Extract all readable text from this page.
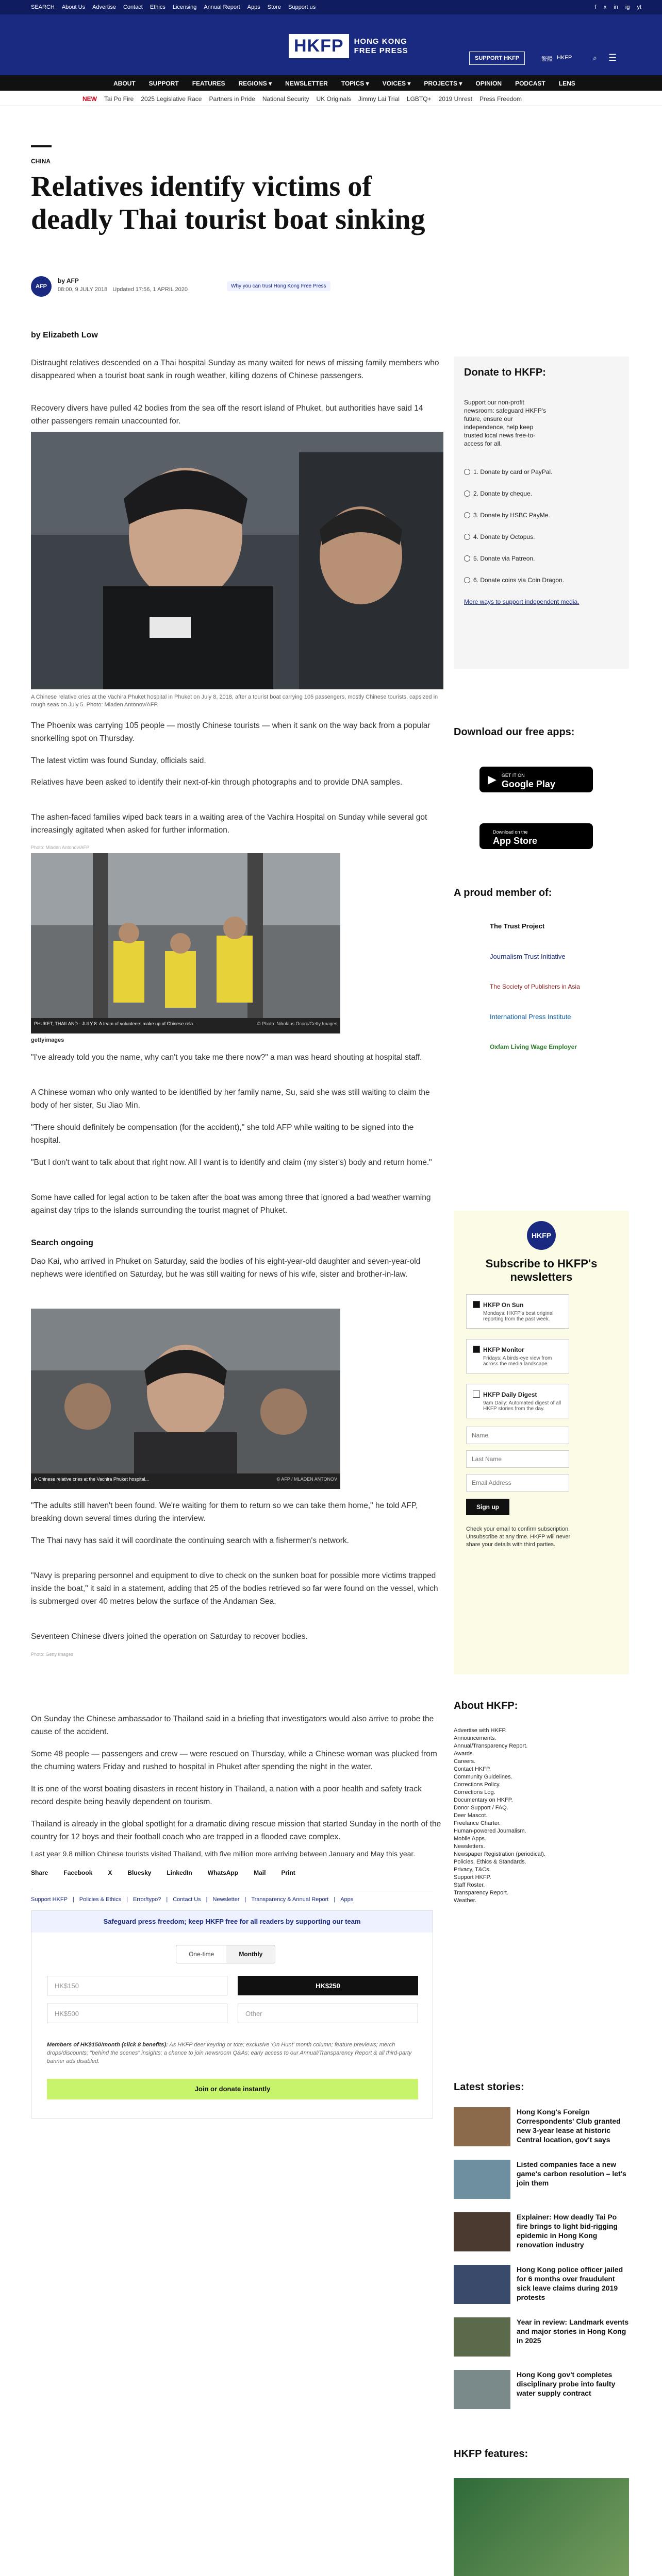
SEARCH About Us Advertise Contact Ethics Licensing Annual Report Apps Store Support us	f x in ig yt
HKFP	HONG KONG
FREE PRESS
SUPPORT HKFP	繁體 HKFP	⌕ ☰
ABOUT SUPPORT FEATURES REGIONS ▾ NEWSLETTER TOPICS ▾ VOICES ▾ PROJECTS ▾ OPINION PODCAST LENS
NEW Tai Po Fire 2025 Legislative Race Partners in Pride National Security UK Originals Jimmy Lai Trial LGBTQ+ 2019 Unrest Press Freedom
CHINA
Relatives identify victims of deadly Thai tourist boat sinking
AFP
by AFP
08:00, 9 JULY 2018 Updated 17:56, 1 APRIL 2020
Why you can trust Hong Kong Free Press
by Elizabeth Low

Distraught relatives descended on a Thai hospital Sunday as many waited for news of missing family members who disappeared when a tourist boat sank in rough weather, killing dozens of Chinese passengers.

Recovery divers have pulled 42 bodies from the sea off the resort island of Phuket, but authorities have said 14 other passengers remain unaccounted for.

A Chinese relative cries at the Vachira Phuket hospital in Phuket on July 8, 2018, after a tourist boat carrying 105 passengers, mostly Chinese tourists, capsized in rough seas on July 5. Photo: Mladen Antonov/AFP.

The Phoenix was carrying 105 people — mostly Chinese tourists — when it sank on the way back from a popular snorkelling spot on Thursday.

The latest victim was found Sunday, officials said.

Relatives have been asked to identify their next-of-kin through photographs and to provide DNA samples.

The ashen-faced families wiped back tears in a waiting area of the Vachira Hospital on Sunday while several got increasingly agitated when asked for further information.

Photo: Mladen Antonov/AFP
PHUKET, THAILAND - JULY 8: A team of volunteers make up of Chinese rela...	© Photo: Nikolaus Ocoro/Getty Images
gettyimages

"I've already told you the name, why can't you take me there now?" a man was heard shouting at hospital staff.

A Chinese woman who only wanted to be identified by her family name, Su, said she was still waiting to claim the body of her sister, Su Jiao Min.

"There should definitely be compensation (for the accident)," she told AFP while waiting to be signed into the hospital.

"But I don't want to talk about that right now. All I want is to identify and claim (my sister's) body and return home."

Some have called for legal action to be taken after the boat was among three that ignored a bad weather warning against day trips to the islands surrounding the tourist magnet of Phuket.

Search ongoing

Dao Kai, who arrived in Phuket on Saturday, said the bodies of his eight-year-old daughter and seven-year-old nephews were identified on Saturday, but he was still waiting for news of his wife, sister and brother-in-law.

A Chinese relative cries at the Vachira Phuket hospital...	© AFP / MLADEN ANTONOV

"The adults still haven't been found. We're waiting for them to return so we can take them home," he told AFP, breaking down several times during the interview.

The Thai navy has said it will coordinate the continuing search with a fishermen's network.

"Navy is preparing personnel and equipment to dive to check on the sunken boat for possible more victims trapped inside the boat," it said in a statement, adding that 25 of the bodies retrieved so far were found on the vessel, which is submerged over 40 metres below the surface of the Andaman Sea.

Seventeen Chinese divers joined the operation on Saturday to recover bodies.

Photo: Getty Images

On Sunday the Chinese ambassador to Thailand said in a briefing that investigators would also arrive to probe the cause of the accident.

Some 48 people — passengers and crew — were rescued on Thursday, while a Chinese woman was plucked from the churning waters Friday and rushed to hospital in Phuket after spending the night in the water.

It is one of the worst boating disasters in recent history in Thailand, a nation with a poor health and safety track record despite being heavily dependent on tourism.

Thailand is already in the global spotlight for a dramatic diving rescue mission that started Sunday in the north of the country for 12 boys and their football coach who are trapped in a flooded cave complex.

Last year 9.8 million Chinese tourists visited Thailand, with five million more arriving between January and May this year.

Share	Facebook	X	Bluesky	LinkedIn	WhatsApp	Mail	Print
Support HKFP | Policies & Ethics | Error/typo? | Contact Us | Newsletter | Transparency & Annual Report | Apps
Safeguard press freedom; keep HKFP free for all readers by supporting our team
One-time	Monthly
HK$150	HK$250
HK$500	Other
Members of HK$150/month (click 8 benefits): As HKFP deer keyring or tote; exclusive 'On Hunt' month column; feature previews; merch drops/discounts; "behind the scenes" insights; a chance to join newsroom Q&As; early access to our Annual/Transparency Report & all third-party banner ads disabled.
Join or donate instantly

Donate to HKFP:
Support our non-profit newsroom: safeguard HKFP's future, ensure our independence, help keep trusted local news free-to-access for all.
1. Donate by card or PayPal.
2. Donate by cheque.
3. Donate by HSBC PayMe.
4. Donate by Octopus.
5. Donate via Patreon.
6. Donate coins via Coin Dragon.
More ways to support independent media.
Download our free apps:
▶ GET IT ON
Google Play
Download on the
App Store
A proud member of:
The Trust Project
Journalism Trust Initiative
The Society of Publishers in Asia
International Press Institute
Oxfam Living Wage Employer
HKFP
Subscribe to HKFP's newsletters
HKFP On Sun
Mondays: HKFP's best original reporting from the past week.
HKFP Monitor
Fridays: A birds-eye view from across the media landscape.
HKFP Daily Digest
9am Daily: Automated digest of all HKFP stories from the day.
Name Last Name Email Address
Sign up
Check your email to confirm subscription. Unsubscribe at any time. HKFP will never share your details with third parties.
About HKFP:
Advertise with HKFP.
Announcements.
Annual/Transparency Report.
Awards.
Careers.
Contact HKFP.
Community Guidelines.
Corrections Policy.
Corrections Log.
Documentary on HKFP.
Donor Support / FAQ.
Deer Mascot.
Freelance Charter.
Human-powered Journalism.
Mobile Apps.
Newsletters.
Newspaper Registration (periodical).
Policies, Ethics & Standards.
Privacy, T&Cs.
Support HKFP.
Staff Roster.
Transparency Report.
Weather.
Latest stories:
Hong Kong's Foreign Correspondents' Club granted new 3-year lease at historic Central location, gov't says
Listed companies face a new game's carbon resolution – let's join them
Explainer: How deadly Tai Po fire brings to light bid-rigging epidemic in Hong Kong renovation industry
Hong Kong police officer jailed for 6 months over fraudulent sick leave claims during 2019 protests
Year in review: Landmark events and major stories in Hong Kong in 2025
Hong Kong gov't completes disciplinary probe into faulty water supply contract
HKFP features:
